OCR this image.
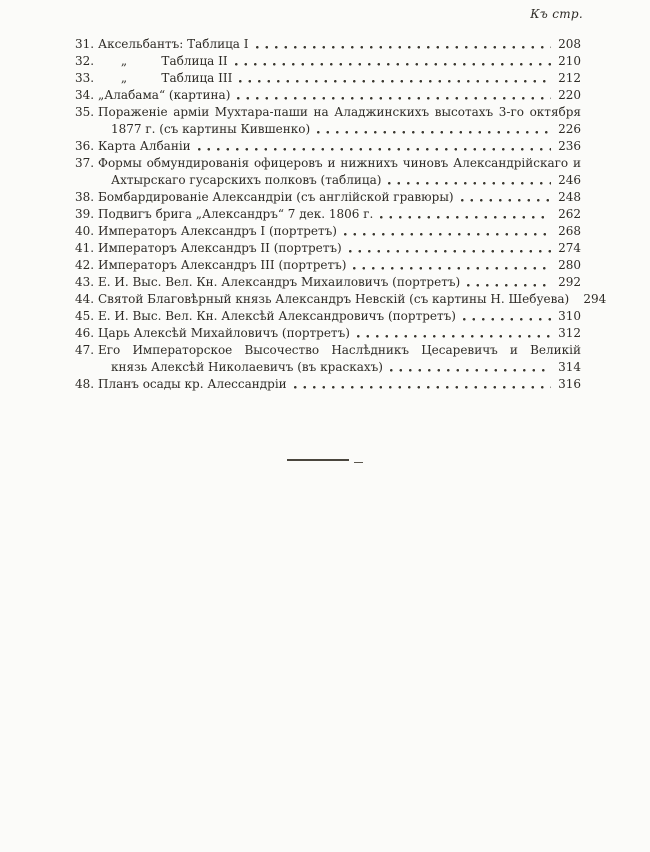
Къ стр.
31. Аксельбантъ: Таблица I	208
32. „         Таблица II	210
33. „         Таблица III	212
34. „Алабама“ (картина)	220
35. Пораженіе арміи Мухтара-паши на Аладжинскихъ высотахъ 3-го октября
1877 г. (съ картины Кившенко)	226
36. Карта Албаніи	236
37. Формы обмундированія офицеровъ и нижнихъ чиновъ Александрійскаго и
Ахтырскаго гусарскихъ полковъ (таблица)	246
38. Бомбардированіе Александріи (съ англійской гравюры)	248
39. Подвигъ брига „Александръ“ 7 дек. 1806 г.	262
40. Императоръ Александръ I (портретъ)	268
41. Императоръ Александръ II (портретъ)	274
42. Императоръ Александръ III (портретъ)	280
43. Е. И. Выс. Вел. Кн. Александръ Михаиловичъ (портретъ)	292
44. Святой Благовѣрный князь Александръ Невскій (съ картины Н. Шебуева) 294
45. Е. И. Выс. Вел. Кн. Алексѣй Александровичъ (портретъ)	310
46. Царь Алексѣй Михайловичъ (портретъ)	312
47. Его Императорское Высочество Наслѣдникъ Цесаревичъ и Великій
князь Алексѣй Николаевичъ (въ краскахъ)	314
48. Планъ осады кр. Алессандріи	316
